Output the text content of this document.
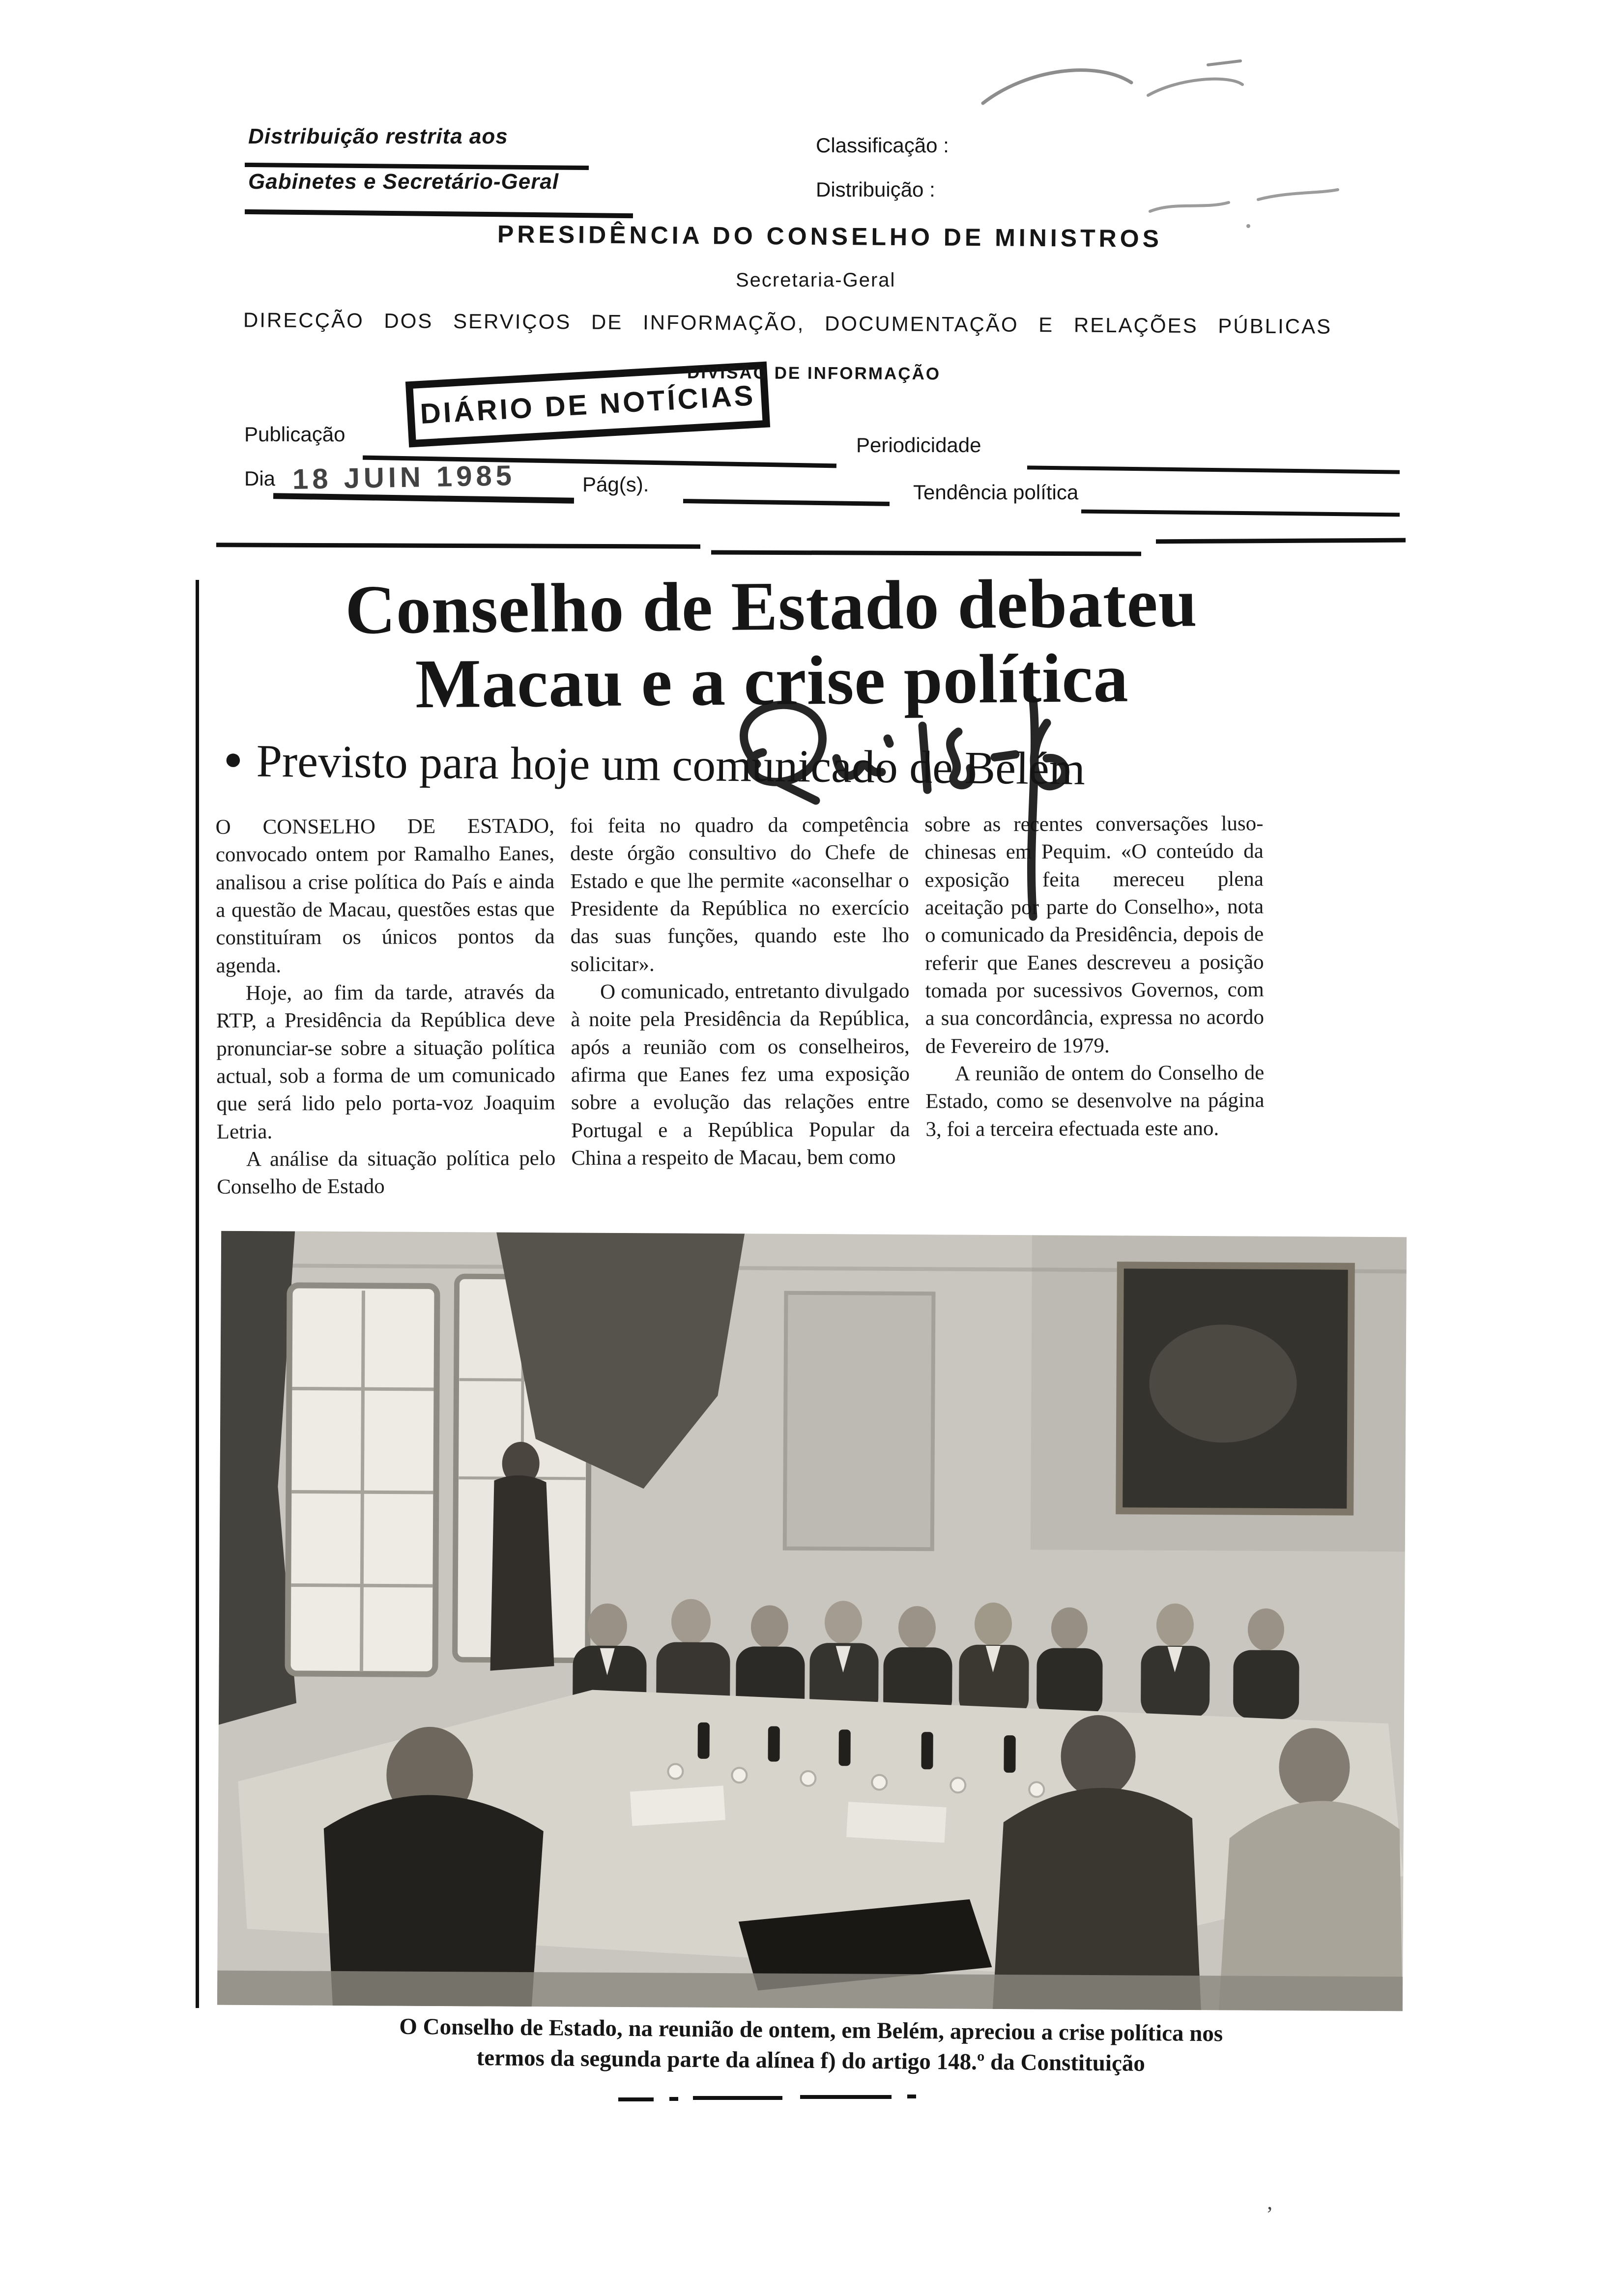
Distribuição restrita aos
Gabinetes e Secretário-Geral
Classificação :
Distribuição :
PRESIDÊNCIA DO CONSELHO DE MINISTROS
Secretaria-Geral
DIRECÇÃO DOS SERVIÇOS DE INFORMAÇÃO, DOCUMENTAÇÃO E RELAÇÕES PÚBLICAS
DIVISÃO DE INFORMAÇÃO
DIÁRIO DE NOTÍCIAS
Publicação	Periodicidade
Dia 18 JUIN 1985	Pág(s).	Tendência política
Conselho de Estado debateu
Macau e a crise política
● Previsto para hoje um comunicado de Belém

O CONSELHO DE ESTADO, convocado ontem por Ramalho Eanes, analisou a crise política do País e ainda a questão de Macau, questões estas que constituíram os únicos pontos da agenda.

Hoje, ao fim da tarde, através da RTP, a Presidência da República deve pronunciar-se sobre a situação política actual, sob a forma de um comunicado que será lido pelo porta-voz Joaquim Letria.

A análise da situação política pelo Conselho de Estado

foi feita no quadro da competência deste órgão consultivo do Chefe de Estado e que lhe permite «aconselhar o Presidente da República no exercício das suas funções, quando este lho solicitar».

O comunicado, entretanto divulgado à noite pela Presidência da República, após a reunião com os conselheiros, afirma que Eanes fez uma exposição sobre a evolução das relações entre Portugal e a República Popular da China a respeito de Macau, bem como

sobre as recentes conversações luso-chinesas em Pequim. «O conteúdo da exposição feita mereceu plena aceitação por parte do Conselho», nota o comunicado da Presidência, depois de referir que Eanes descreveu a posição tomada por sucessivos Governos, com a sua concordância, expressa no acordo de Fevereiro de 1979.

A reunião de ontem do Conselho de Estado, como se desenvolve na página 3, foi a terceira efectuada este ano.

O Conselho de Estado, na reunião de ontem, em Belém, apreciou a crise política nos
termos da segunda parte da alínea f) do artigo 148.º da Constituição
’
